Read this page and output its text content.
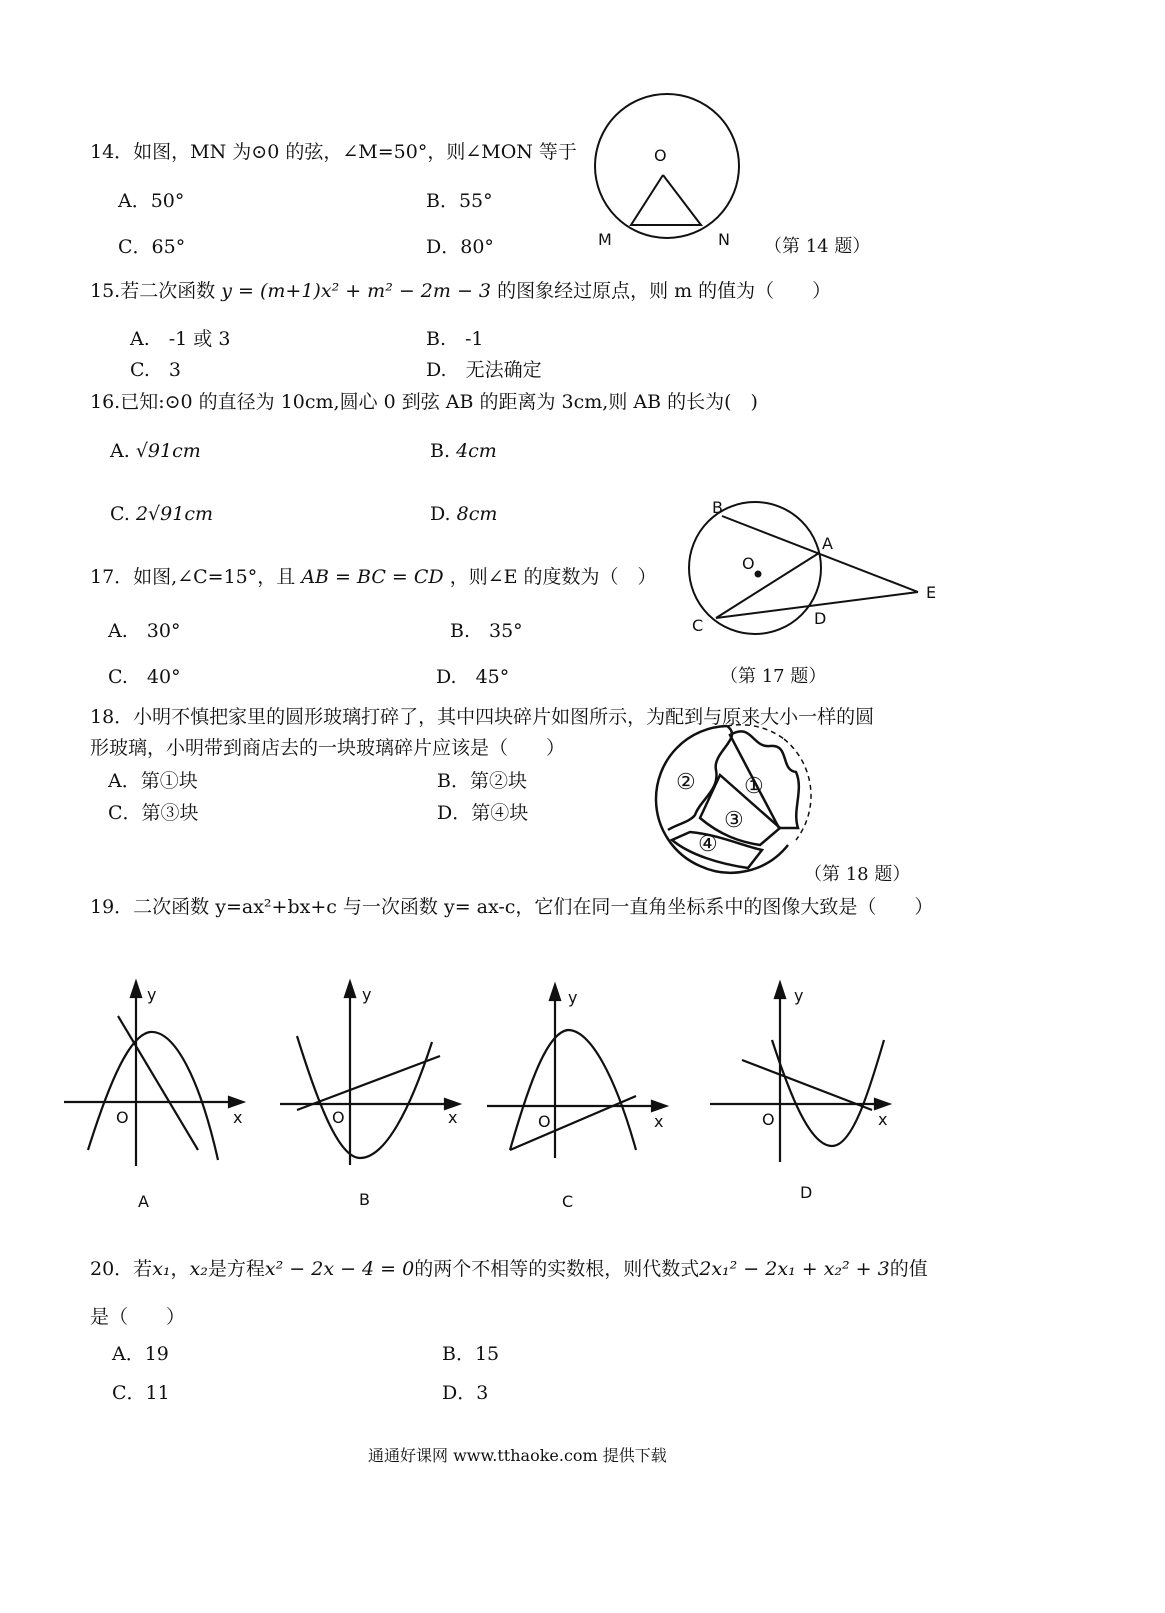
14．如图，MN 为⊙0 的弦，∠M=50°，则∠MON 等于
A．50°	B．55°
C．65°	D．80°
O
M	N （第 14 题）
15.若二次函数 y = (m+1)x² + m² − 2m − 3 的图象经过原点，则 m 的值为（　　）
A.　-1 或 3	B.　-1
C.　3	D.　无法确定
16.已知:⊙0 的直径为 10cm,圆心 0 到弦 AB 的距离为 3cm,则 AB 的长为(　)
A. √91cm	B. 4cm
C. 2√91cm	D. 8cm	B
A
O
E
C	D
17．如图,∠C=15°，且 AB = BC = CD ，则∠E 的度数为（　）
A.　30°	B.　35°
C.　40°	D.　45°	（第 17 题）
18．小明不慎把家里的圆形玻璃打碎了，其中四块碎片如图所示，为配到与原来大小一样的圆
形玻璃，小明带到商店去的一块玻璃碎片应该是（　　）
A．第①块	B．第②块
C．第③块	D．第④块
② ①
③
④
（第 18 题）
19．二次函数 y=ax²+bx+c 与一次函数 y= ax-c，它们在同一直角坐标系中的图像大致是（　　）
y
x
O
A
y
x
O
B
y
x
O
C
y
x
O
D
20．若x₁，x₂是方程x² − 2x − 4 = 0的两个不相等的实数根，则代数式2x₁² − 2x₁ + x₂² + 3的值
是（　　）
A．19	B．15
C．11	D．3
通通好课网 www.tthaoke.com 提供下载
